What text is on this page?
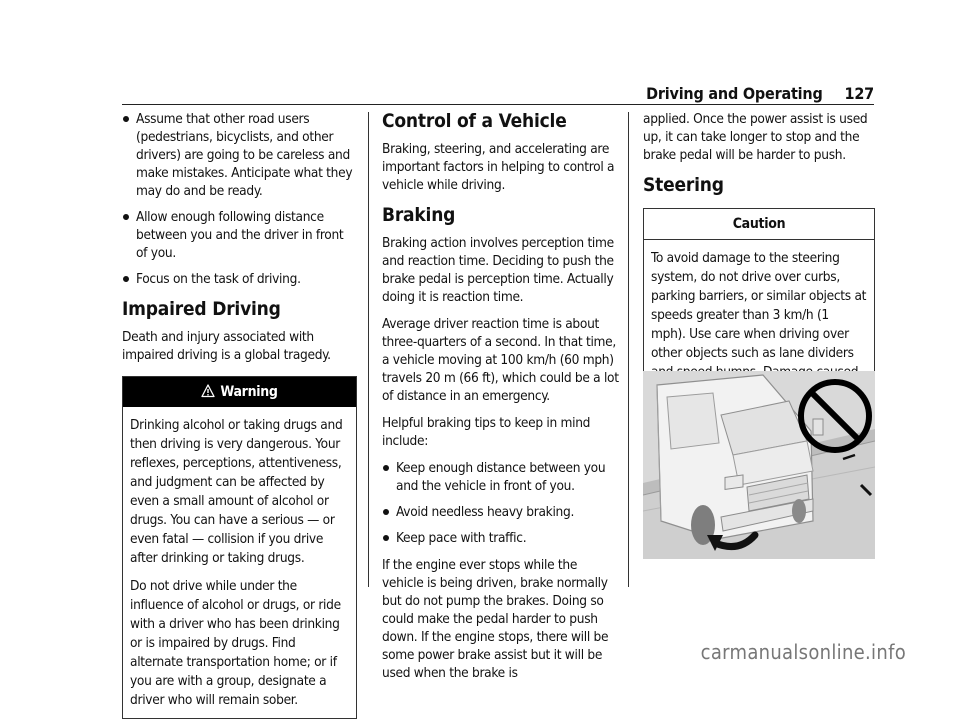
Driving and Operating 127
Assume that other road users (pedestrians, bicyclists, and other drivers) are going to be careless and make mistakes. Anticipate what they may do and be ready.
Allow enough following distance between you and the driver in front of you.
Focus on the task of driving.
Impaired Driving

Death and injury associated with impaired driving is a global tragedy.

Warning

Drinking alcohol or taking drugs and then driving is very dangerous. Your reflexes, perceptions, attentiveness, and judgment can be affected by even a small amount of alcohol or drugs. You can have a serious — or even fatal — collision if you drive after drinking or taking drugs.

Do not drive while under the influence of alcohol or drugs, or ride with a driver who has been drinking or is impaired by drugs. Find alternate transportation home; or if you are with a group, designate a driver who will remain sober.

Control of a Vehicle

Braking, steering, and accelerating are important factors in helping to control a vehicle while driving.

Braking

Braking action involves perception time and reaction time. Deciding to push the brake pedal is perception time. Actually doing it is reaction time.

Average driver reaction time is about three-quarters of a second. In that time, a vehicle moving at 100 km/h (60 mph) travels 20 m (66 ft), which could be a lot of distance in an emergency.

Helpful braking tips to keep in mind include:

Keep enough distance between you and the vehicle in front of you.
Avoid needless heavy braking.
Keep pace with traffic.

If the engine ever stops while the vehicle is being driven, brake normally but do not pump the brakes. Doing so could make the pedal harder to push down. If the engine stops, there will be some power brake assist but it will be used when the brake is

applied. Once the power assist is used up, it can take longer to stop and the brake pedal will be harder to push.

Steering
Caution

To avoid damage to the steering system, do not drive over curbs, parking barriers, or similar objects at speeds greater than 3 km/h (1 mph). Use care when driving over other objects such as lane dividers

carmanualsonline.info
